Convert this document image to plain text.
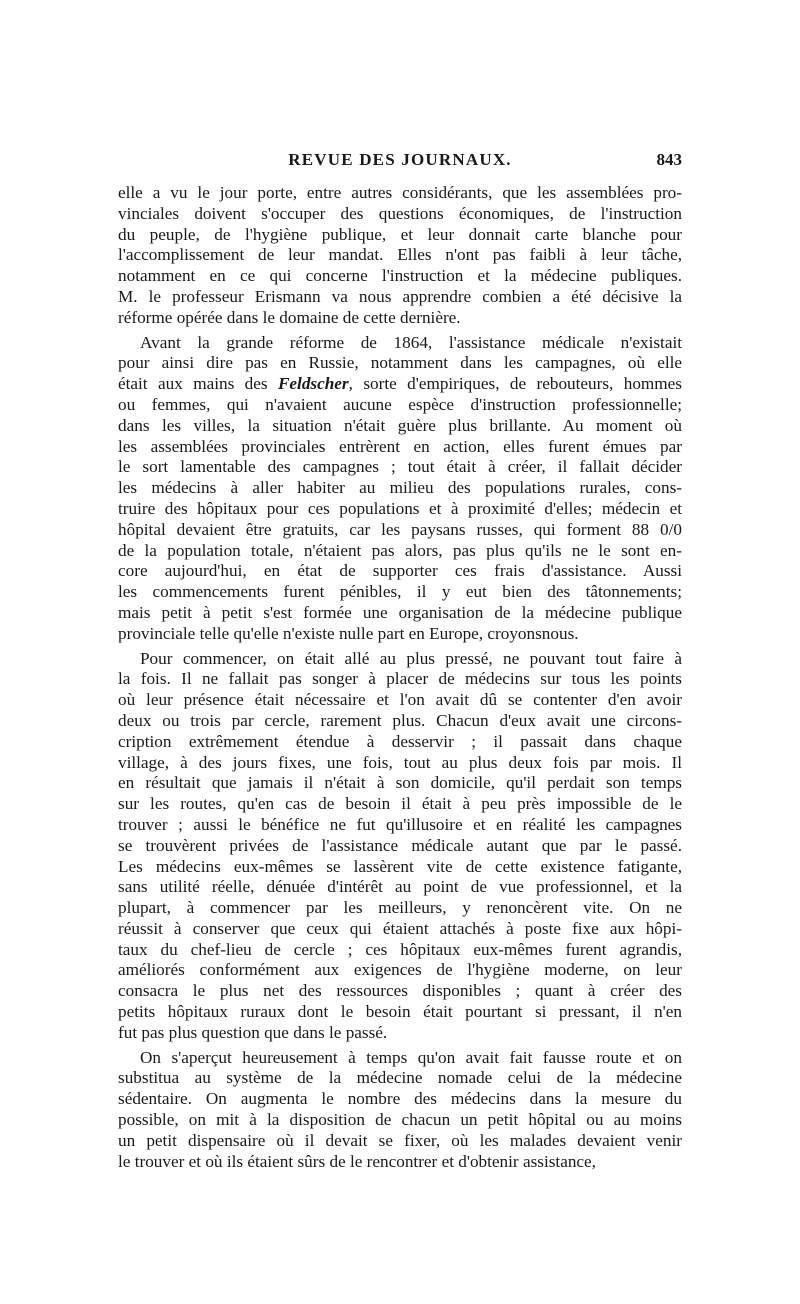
REVUE DES JOURNAUX.	843
elle a vu le jour porte, entre autres considérants, que les assemblées pro-
vinciales doivent s'occuper des questions économiques, de l'instruction
du peuple, de l'hygiène publique, et leur donnait carte blanche pour
l'accomplissement de leur mandat. Elles n'ont pas faibli à leur tâche,
notamment en ce qui concerne l'instruction et la médecine publiques.
M. le professeur Erismann va nous apprendre combien a été décisive la
réforme opérée dans le domaine de cette dernière.
Avant la grande réforme de 1864, l'assistance médicale n'existait
pour ainsi dire pas en Russie, notamment dans les campagnes, où elle
était aux mains des Feldscher, sorte d'empiriques, de rebouteurs, hommes
ou femmes, qui n'avaient aucune espèce d'instruction professionnelle;
dans les villes, la situation n'était guère plus brillante. Au moment où
les assemblées provinciales entrèrent en action, elles furent émues par
le sort lamentable des campagnes ; tout était à créer, il fallait décider
les médecins à aller habiter au milieu des populations rurales, cons-
truire des hôpitaux pour ces populations et à proximité d'elles; médecin et
hôpital devaient être gratuits, car les paysans russes, qui forment 88 0/0
de la population totale, n'étaient pas alors, pas plus qu'ils ne le sont en-
core aujourd'hui, en état de supporter ces frais d'assistance. Aussi
les commencements furent pénibles, il y eut bien des tâtonnements;
mais petit à petit s'est formée une organisation de la médecine publique
provinciale telle qu'elle n'existe nulle part en Europe, croyonsnous.
Pour commencer, on était allé au plus pressé, ne pouvant tout faire à
la fois. Il ne fallait pas songer à placer de médecins sur tous les points
où leur présence était nécessaire et l'on avait dû se contenter d'en avoir
deux ou trois par cercle, rarement plus. Chacun d'eux avait une circons-
cription extrêmement étendue à desservir ; il passait dans chaque
village, à des jours fixes, une fois, tout au plus deux fois par mois. Il
en résultait que jamais il n'était à son domicile, qu'il perdait son temps
sur les routes, qu'en cas de besoin il était à peu près impossible de le
trouver ; aussi le bénéfice ne fut qu'illusoire et en réalité les campagnes
se trouvèrent privées de l'assistance médicale autant que par le passé.
Les médecins eux-mêmes se lassèrent vite de cette existence fatigante,
sans utilité réelle, dénuée d'intérêt au point de vue professionnel, et la
plupart, à commencer par les meilleurs, y renoncèrent vite. On ne
réussit à conserver que ceux qui étaient attachés à poste fixe aux hôpi-
taux du chef-lieu de cercle ; ces hôpitaux eux-mêmes furent agrandis,
améliorés conformément aux exigences de l'hygiène moderne, on leur
consacra le plus net des ressources disponibles ; quant à créer des
petits hôpitaux ruraux dont le besoin était pourtant si pressant, il n'en
fut pas plus question que dans le passé.
On s'aperçut heureusement à temps qu'on avait fait fausse route et on
substitua au système de la médecine nomade celui de la médecine
sédentaire. On augmenta le nombre des médecins dans la mesure du
possible, on mit à la disposition de chacun un petit hôpital ou au moins
un petit dispensaire où il devait se fixer, où les malades devaient venir
le trouver et où ils étaient sûrs de le rencontrer et d'obtenir assistance,
